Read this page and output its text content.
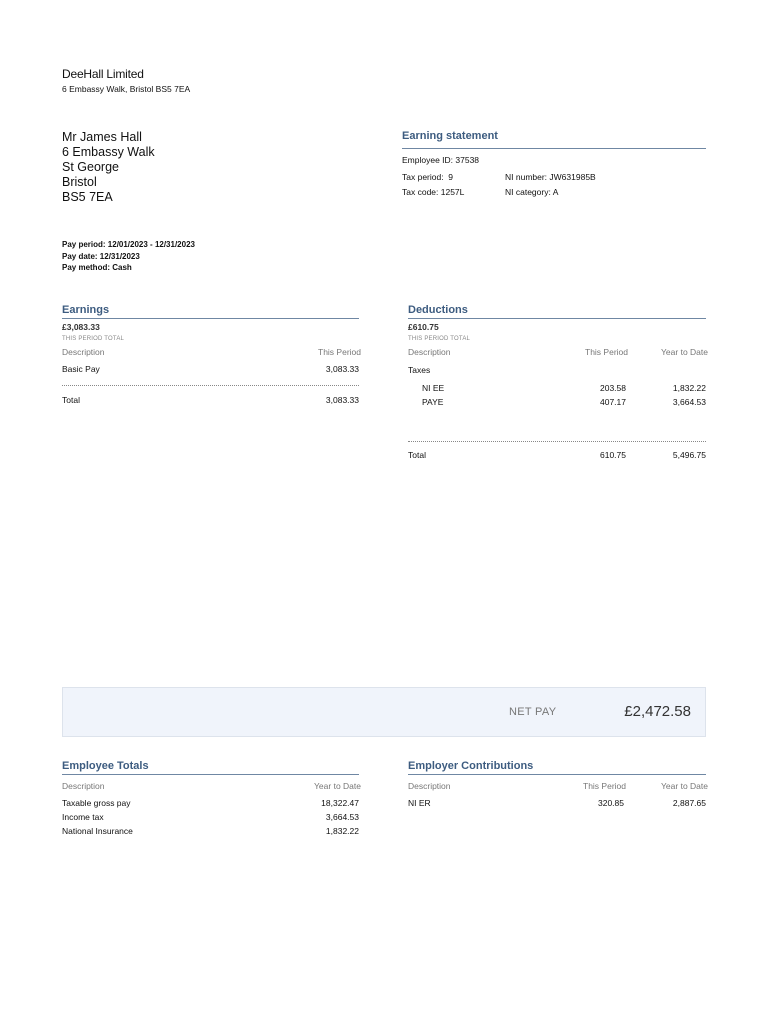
DeeHall Limited
6 Embassy Walk, Bristol BS5 7EA
Mr James Hall
6 Embassy Walk
St George
Bristol
BS5 7EA
Earning statement
Employee ID: 37538
Tax period:  9	NI number: JW631985B
Tax code: 1257L	NI category: A
Pay period: 12/01/2023 - 12/31/2023
Pay date: 12/31/2023
Pay method: Cash
Earnings
£3,083.33
THIS PERIOD TOTAL
Description	This Period
Basic Pay	3,083.33
Total	3,083.33
Deductions
£610.75
THIS PERIOD TOTAL
Description	This Period	Year to Date
Taxes
NI EE	203.58	1,832.22
PAYE	407.17	3,664.53
Total	610.75	5,496.75
NET PAY	£2,472.58
Employee Totals
Description	Year to Date
Taxable gross pay	18,322.47
Income tax	3,664.53
National Insurance	1,832.22
Employer Contributions
Description	This Period	Year to Date
NI ER	320.85	2,887.65
